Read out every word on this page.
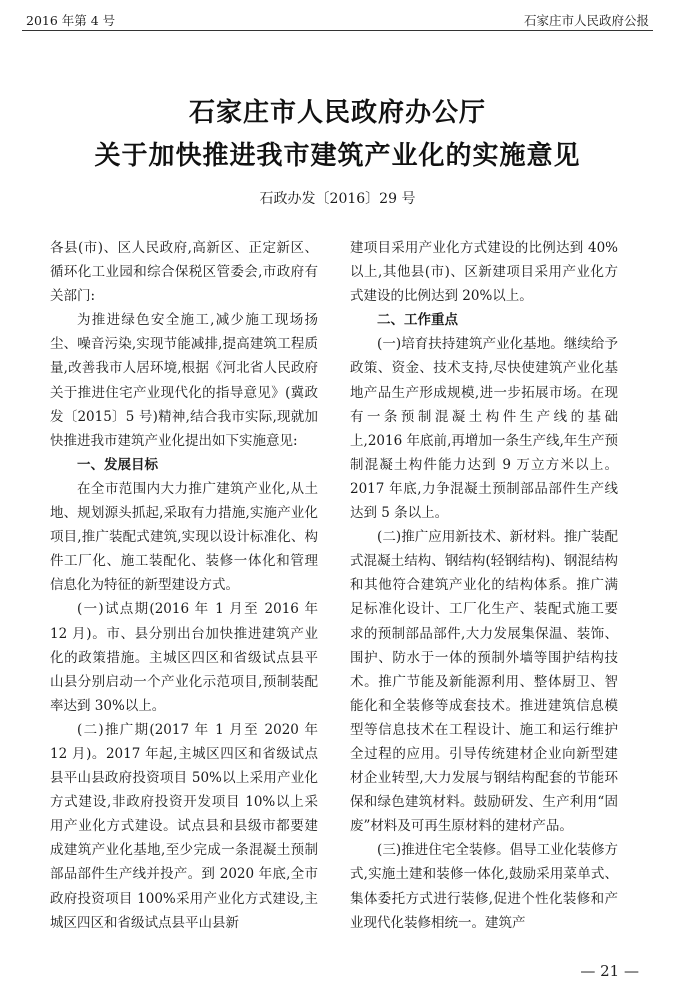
2016 年第 4 号	石家庄市人民政府公报
石家庄市人民政府办公厅
关于加快推进我市建筑产业化的实施意见
石政办发〔2016〕29 号

各县(市)、区人民政府,高新区、正定新区、循环化工业园和综合保税区管委会,市政府有关部门:

为推进绿色安全施工,减少施工现场扬尘、噪音污染,实现节能减排,提高建筑工程质量,改善我市人居环境,根据《河北省人民政府关于推进住宅产业现代化的指导意见》(冀政发〔2015〕5 号)精神,结合我市实际,现就加快推进我市建筑产业化提出如下实施意见:

一、发展目标

在全市范围内大力推广建筑产业化,从土地、规划源头抓起,采取有力措施,实施产业化项目,推广装配式建筑,实现以设计标准化、构件工厂化、施工装配化、装修一体化和管理信息化为特征的新型建设方式。

(一)试点期(2016 年 1 月至 2016 年 12 月)。市、县分别出台加快推进建筑产业化的政策措施。主城区四区和省级试点县平山县分别启动一个产业化示范项目,预制装配率达到 30%以上。

(二)推广期(2017 年 1 月至 2020 年 12 月)。2017 年起,主城区四区和省级试点县平山县政府投资项目 50%以上采用产业化方式建设,非政府投资开发项目 10%以上采用产业化方式建设。试点县和县级市都要建成建筑产业化基地,至少完成一条混凝土预制部品部件生产线并投产。到 2020 年底,全市政府投资项目 100%采用产业化方式建设,主城区四区和省级试点县平山县新

建项目采用产业化方式建设的比例达到 40%以上,其他县(市)、区新建项目采用产业化方式建设的比例达到 20%以上。

二、工作重点

(一)培育扶持建筑产业化基地。继续给予政策、资金、技术支持,尽快使建筑产业化基地产品生产形成规模,进一步拓展市场。在现有一条预制混凝土构件生产线的基础上,2016 年底前,再增加一条生产线,年生产预制混凝土构件能力达到 9 万立方米以上。2017 年底,力争混凝土预制部品部件生产线达到 5 条以上。

(二)推广应用新技术、新材料。推广装配式混凝土结构、钢结构(轻钢结构)、钢混结构和其他符合建筑产业化的结构体系。推广满足标准化设计、工厂化生产、装配式施工要求的预制部品部件,大力发展集保温、装饰、围护、防水于一体的预制外墙等围护结构技术。推广节能及新能源利用、整体厨卫、智能化和全装修等成套技术。推进建筑信息模型等信息技术在工程设计、施工和运行维护全过程的应用。引导传统建材企业向新型建材企业转型,大力发展与钢结构配套的节能环保和绿色建筑材料。鼓励研发、生产利用“固废”材料及可再生原材料的建材产品。

(三)推进住宅全装修。倡导工业化装修方式,实施土建和装修一体化,鼓励采用菜单式、集体委托方式进行装修,促进个性化装修和产业现代化装修相统一。建筑产

— 21 —
